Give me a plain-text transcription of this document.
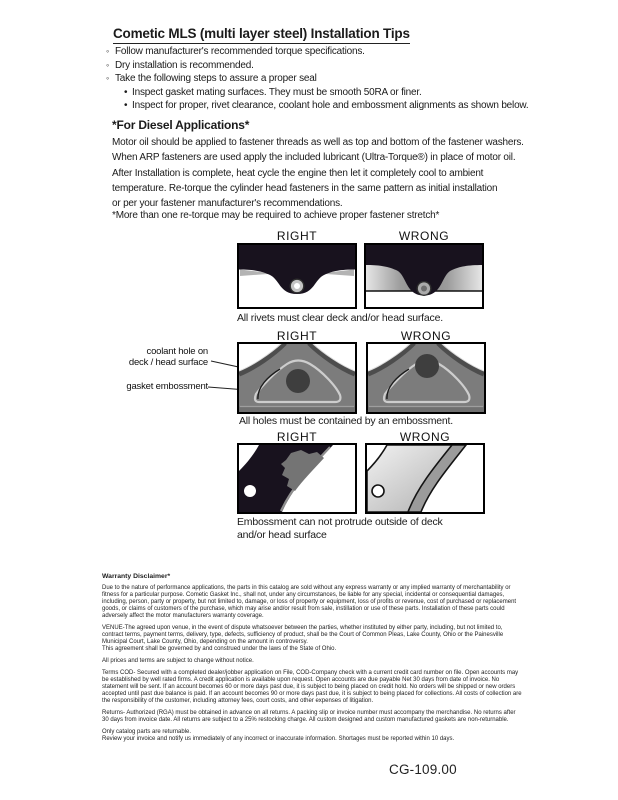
Cometic MLS (multi layer steel) Installation Tips
◦ Follow manufacturer's recommended torque specifications.
◦ Dry installation is recommended.
◦ Take the following steps to assure a proper seal
• Inspect gasket mating surfaces. They must be smooth 50RA or finer.
• Inspect for proper, rivet clearance, coolant hole and embossment alignments as shown below.
*For Diesel Applications*
Motor oil should be applied to fastener threads as well as top and bottom of the fastener washers.
When ARP fasteners are used apply the included lubricant (Ultra-Torque®) in place of motor oil.
After Installation is complete, heat cycle the engine then let it completely cool to ambient
temperature. Re-torque the cylinder head fasteners in the same pattern as initial installation
or per your fastener manufacturer's recommendations.
*More than one re-torque may be required to achieve proper fastener stretch*
RIGHT	WRONG
All rivets must clear deck and/or head surface.
RIGHT	WRONG
coolant hole on
deck / head surface
gasket embossment
All holes must be contained by an embossment.
RIGHT	WRONG
Embossment can not protrude outside of deck
and/or head surface
Warranty Disclaimer*

Due to the nature of performance applications, the parts in this catalog are sold without any express warranty or any implied warranty of merchantability or fitness for a particular purpose. Cometic Gasket Inc., shall not, under any circumstances, be liable for any special, incidental or consequential damages, including, person, party or property, but not limited to, damage, or loss of property or equipment, loss of profits or revenue, cost of purchased or replacement goods, or claims of customers of the purchase, which may arise and/or result from sale, instillation or use of these parts. Installation of these parts could adversely affect the motor manufacturers warranty coverage.

VENUE-The agreed upon venue, in the event of dispute whatsoever between the parties, whether instituted by either party, including, but not limited to, contract terms, payment terms, delivery, type, defects, sufficiency of product, shall be the Court of Common Pleas, Lake County, Ohio or the Painesville Municipal Court, Lake County, Ohio, depending on the amount in controversy.

This agreement shall be governed by and construed under the laws of the State of Ohio.

All prices and terms are subject to change without notice.

Terms COD- Secured with a completed dealer/jobber application on File, COD-Company check with a current credit card number on file. Open accounts may be established by well rated firms. A credit application is available upon request. Open accounts are due payable Net 30 days from date of invoice. No statement will be sent. If an account becomes 60 or more days past due, it is subject to being placed on credit hold. No orders will be shipped or new orders accepted until past due balance is paid. If an account becomes 90 or more days past due, it is subject to being placed for collections. All costs of collection are the responsibility of the customer, including attorney fees, court costs, and other expenses of litigation.

Returns- Authorized (RGA) must be obtained in advance on all returns. A packing slip or invoice number must accompany the merchandise. No returns after 30 days from invoice date. All returns are subject to a 25% restocking charge. All custom designed and custom manufactured gaskets are non-returnable.

Only catalog parts are returnable.

Review your invoice and notify us immediately of any incorrect or inaccurate information. Shortages must be reported within 10 days.

CG-109.00
